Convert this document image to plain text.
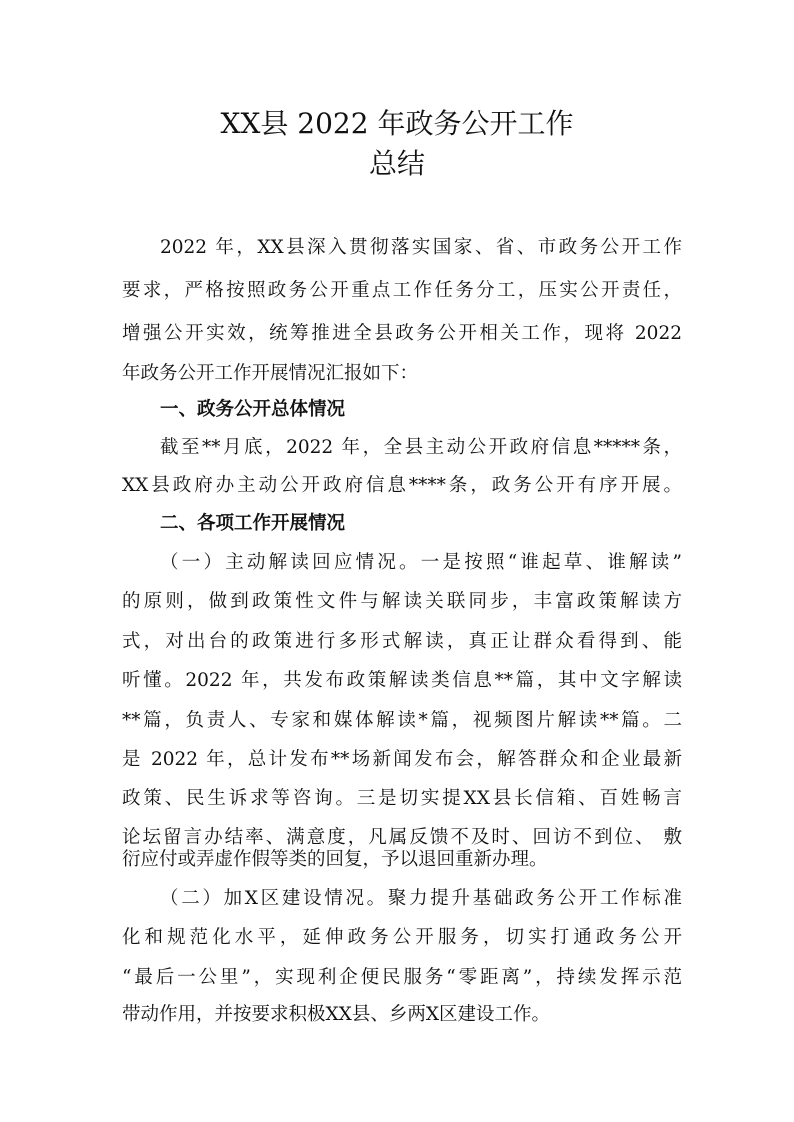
XX县 2022 年政务公开工作
总结
2022 年，XX县深入贯彻落实国家、省、市政务公开工作
要求，严格按照政务公开重点工作任务分工，压实公开责任，
增强公开实效，统筹推进全县政务公开相关工作，现将 2022
年政务公开工作开展情况汇报如下：
一、政务公开总体情况
截至**月底，2022 年，全县主动公开政府信息*****条，
XX县政府办主动公开政府信息****条，政务公开有序开展。
二、各项工作开展情况
（一）主动解读回应情况。一是按照“谁起草、谁解读”
的原则，做到政策性文件与解读关联同步，丰富政策解读方
式，对出台的政策进行多形式解读，真正让群众看得到、能
听懂。2022 年，共发布政策解读类信息**篇，其中文字解读
**篇，负责人、专家和媒体解读*篇，视频图片解读**篇。二
是 2022 年，总计发布**场新闻发布会，解答群众和企业最新
政策、民生诉求等咨询。三是切实提XX县长信箱、百姓畅言
论坛留言办结率、满意度，凡属反馈不及时、回访不到位、 敷
衍应付或弄虚作假等类的回复，予以退回重新办理。
（二）加X区建设情况。聚力提升基础政务公开工作标准
化和规范化水平，延伸政务公开服务，切实打通政务公开
“最后一公里”，实现利企便民服务“零距离”，持续发挥示范
带动作用，并按要求积极XX县、乡两X区建设工作。
